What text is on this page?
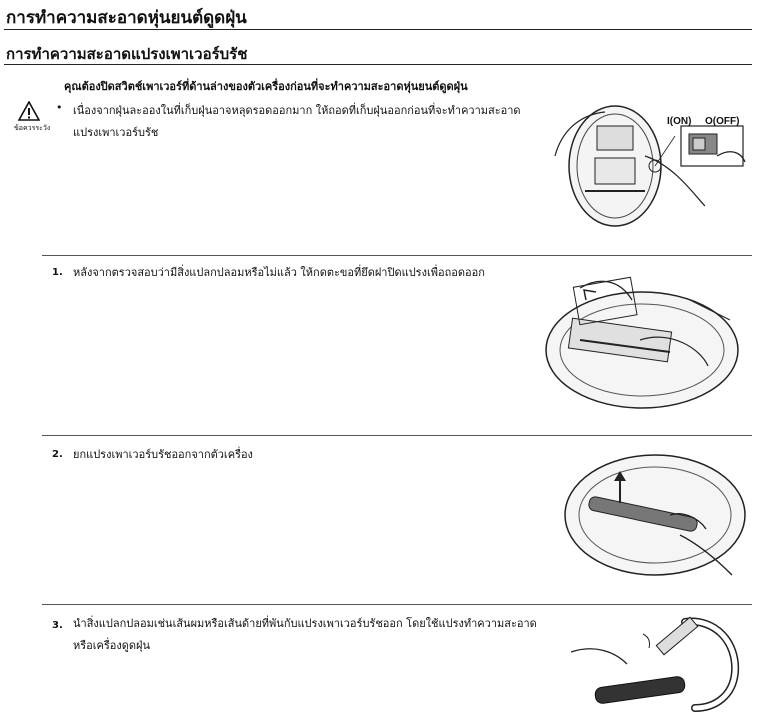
การทำความสะอาดหุ่นยนต์ดูดฝุ่น
การทำความสะอาดแปรงเพาเวอร์บรัช
คุณต้องปิดสวิตช์เพาเวอร์ที่ด้านล่างของตัวเครื่องก่อนที่จะทำความสะอาดหุ่นยนต์ดูดฝุ่น
ข้อควรระวัง
• เนื่องจากฝุ่นละอองในที่เก็บฝุ่นอาจหลุดรอดออกมาก ให้ถอดที่เก็บฝุ่นออกก่อนที่จะทำความสะอาด
แปรงเพาเวอร์บรัช
I(ON) O(OFF)
1. หลังจากตรวจสอบว่ามีสิ่งแปลกปลอมหรือไม่แล้ว ให้กดตะขอที่ยึดฝาปิดแปรงเพื่อถอดออก
2. ยกแปรงเพาเวอร์บรัชออกจากตัวเครื่อง
3. นำสิ่งแปลกปลอมเช่นเส้นผมหรือเส้นด้ายที่พันกับแปรงเพาเวอร์บรัชออก โดยใช้แปรงทำความสะอาด
หรือเครื่องดูดฝุ่น
